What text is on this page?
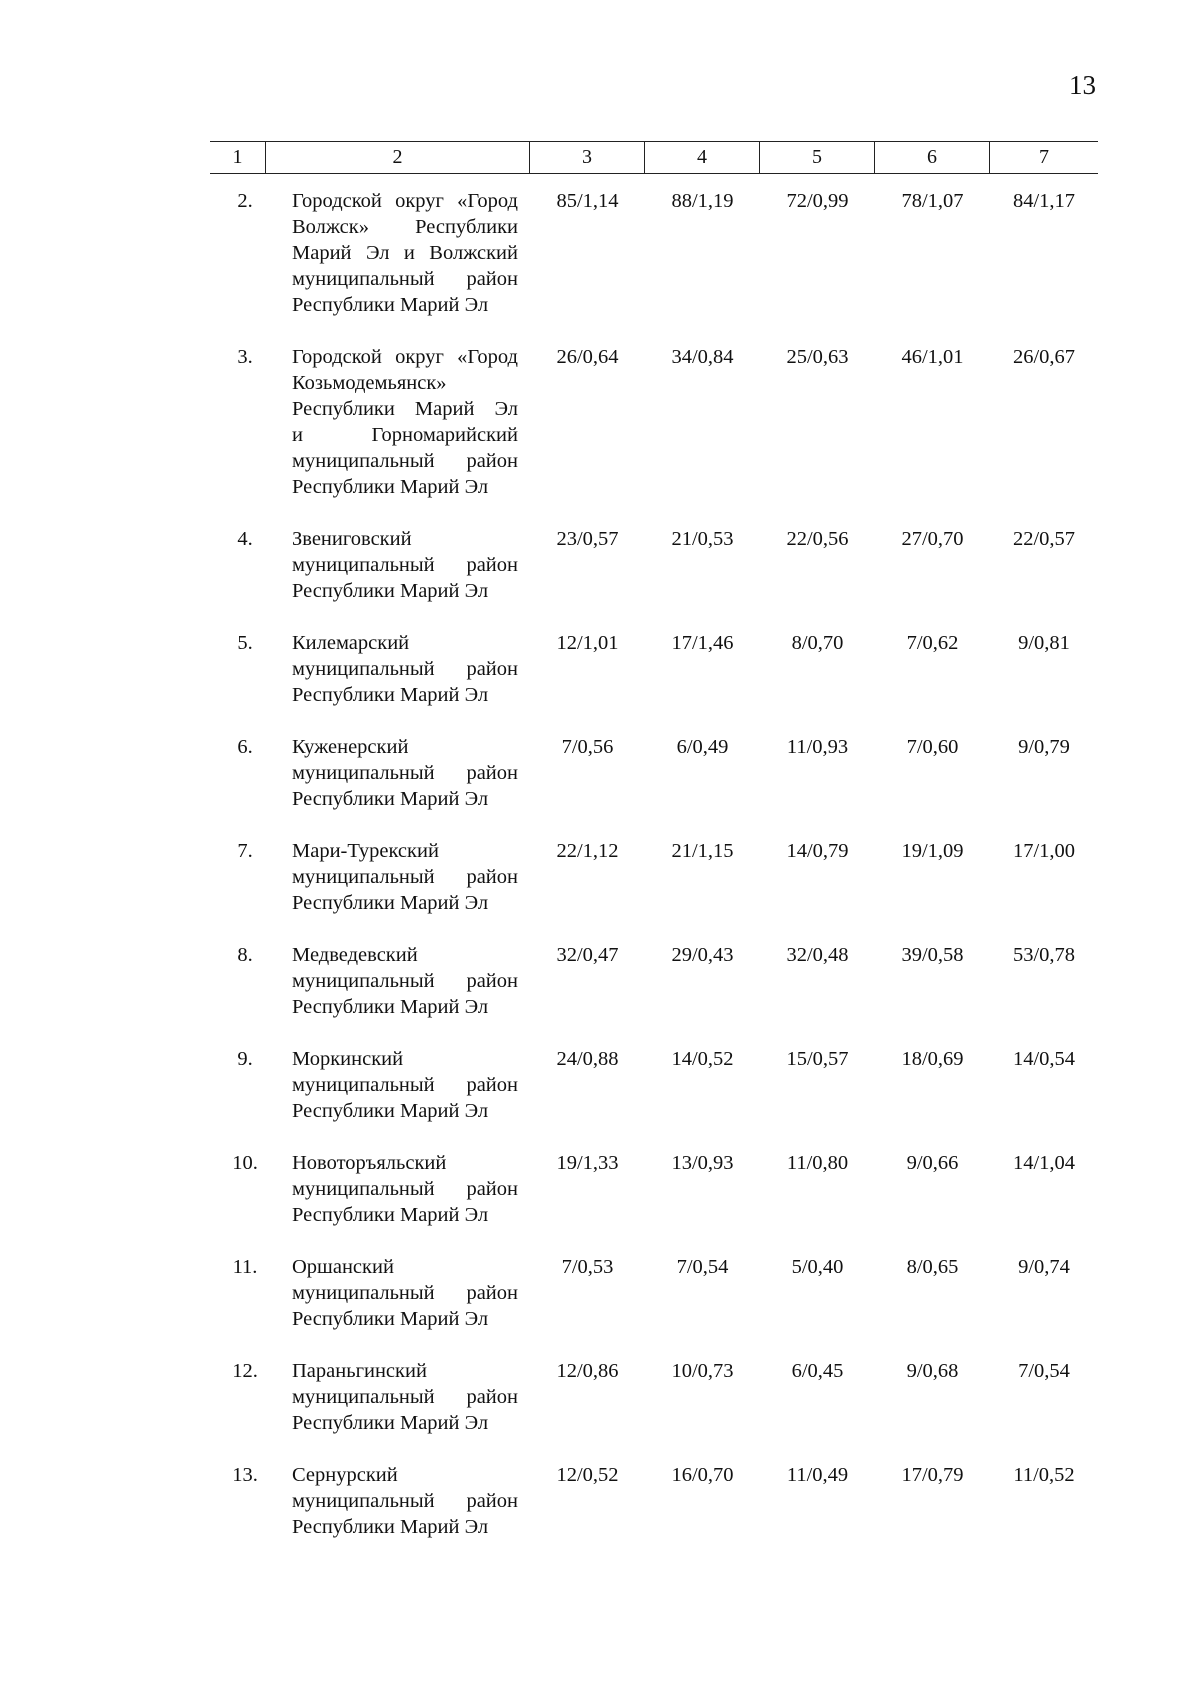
13
1	2	3	4	5	6	7
2.	Городской округ «Город
Волжск» Республики
Марий Эл и Волжский
муниципальный район
Республики Марий Эл
85/1,14	88/1,19	72/0,99	78/1,07	84/1,17
3.	Городской округ «Город
Козьмодемьянск»
Республики Марий Эл
и Горномарийский
муниципальный район
Республики Марий Эл
26/0,64	34/0,84	25/0,63	46/1,01	26/0,67
4.	Звениговский
муниципальный район
Республики Марий Эл
23/0,57	21/0,53	22/0,56	27/0,70	22/0,57
5.	Килемарский
муниципальный район
Республики Марий Эл
12/1,01	17/1,46	8/0,70	7/0,62	9/0,81
6.	Куженерский
муниципальный район
Республики Марий Эл
7/0,56	6/0,49	11/0,93	7/0,60	9/0,79
7.	Мари-Турекский
муниципальный район
Республики Марий Эл
22/1,12	21/1,15	14/0,79	19/1,09	17/1,00
8.	Медведевский
муниципальный район
Республики Марий Эл
32/0,47	29/0,43	32/0,48	39/0,58	53/0,78
9.	Моркинский
муниципальный район
Республики Марий Эл
24/0,88	14/0,52	15/0,57	18/0,69	14/0,54
10.	Новоторъяльский
муниципальный район
Республики Марий Эл
19/1,33	13/0,93	11/0,80	9/0,66	14/1,04
11.	Оршанский
муниципальный район
Республики Марий Эл
7/0,53	7/0,54	5/0,40	8/0,65	9/0,74
12.	Параньгинский
муниципальный район
Республики Марий Эл
12/0,86	10/0,73	6/0,45	9/0,68	7/0,54
13.	Сернурский
муниципальный район
Республики Марий Эл
12/0,52	16/0,70	11/0,49	17/0,79	11/0,52
